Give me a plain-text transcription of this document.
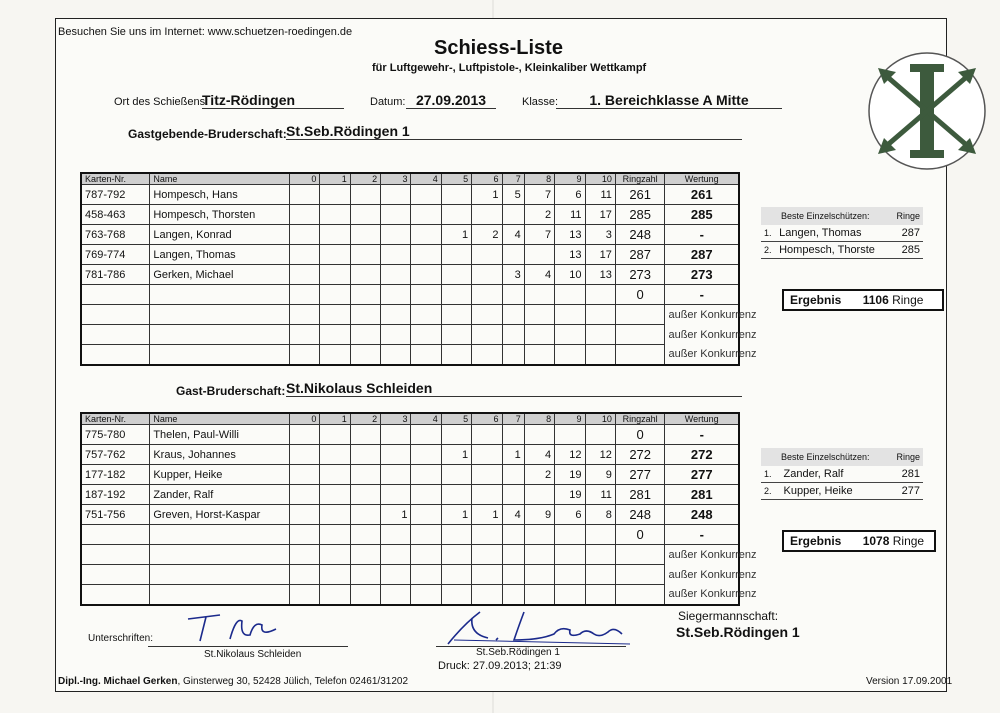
Besuchen Sie uns im Internet: www.schuetzen-roedingen.de
Schiess-Liste
für Luftgewehr-, Luftpistole-, Kleinkaliber Wettkampf
Ort des Schießens:
Titz-Rödingen	Datum: 27.09.2013	Klasse:	1. Bereichklasse A Mitte
Gastgebende-Bruderschaft: St.Seb.Rödingen 1
Karten-Nr.	Name	0	1	2	3	4	5	6	7	8	9	10	Ringzahl	Wertung
787-792	Hompesch, Hans							1	5	7	6	11	261	261
458-463	Hompesch, Thorsten									2	11	17	285	285
763-768	Langen, Konrad						1	2	4	7	13	3	248	-
769-774	Langen, Thomas										13	17	287	287
781-786	Gerken, Michael								3	4	10	13	273	273
													0	-
														außer Konkurrenz
														außer Konkurrenz
														außer Konkurrenz
Beste Einzelschützen:		Ringe
1.	Langen, Thomas	287
2.	Hompesch, Thorste	285
Ergebnis 1106 Ringe
Gast-Bruderschaft: St.Nikolaus Schleiden
Karten-Nr.	Name	0	1	2	3	4	5	6	7	8	9	10	Ringzahl	Wertung
775-780	Thelen, Paul-Willi												0	-
757-762	Kraus, Johannes						1		1	4	12	12	272	272
177-182	Kupper, Heike									2	19	9	277	277
187-192	Zander, Ralf										19	11	281	281
751-756	Greven, Horst-Kaspar				1		1	1	4	9	6	8	248	248
													0	-
														außer Konkurrenz
														außer Konkurrenz
														außer Konkurrenz
Beste Einzelschützen:		Ringe
1.	Zander, Ralf	281
2.	Kupper, Heike	277
Ergebnis 1078 Ringe
Unterschriften:
St.Nikolaus Schleiden	St.Seb.Rödingen 1
Druck: 27.09.2013; 21:39
Siegermannschaft:
St.Seb.Rödingen 1
Dipl.-Ing. Michael Gerken, Ginsterweg 30, 52428 Jülich, Telefon 02461/31202	Version 17.09.2001
